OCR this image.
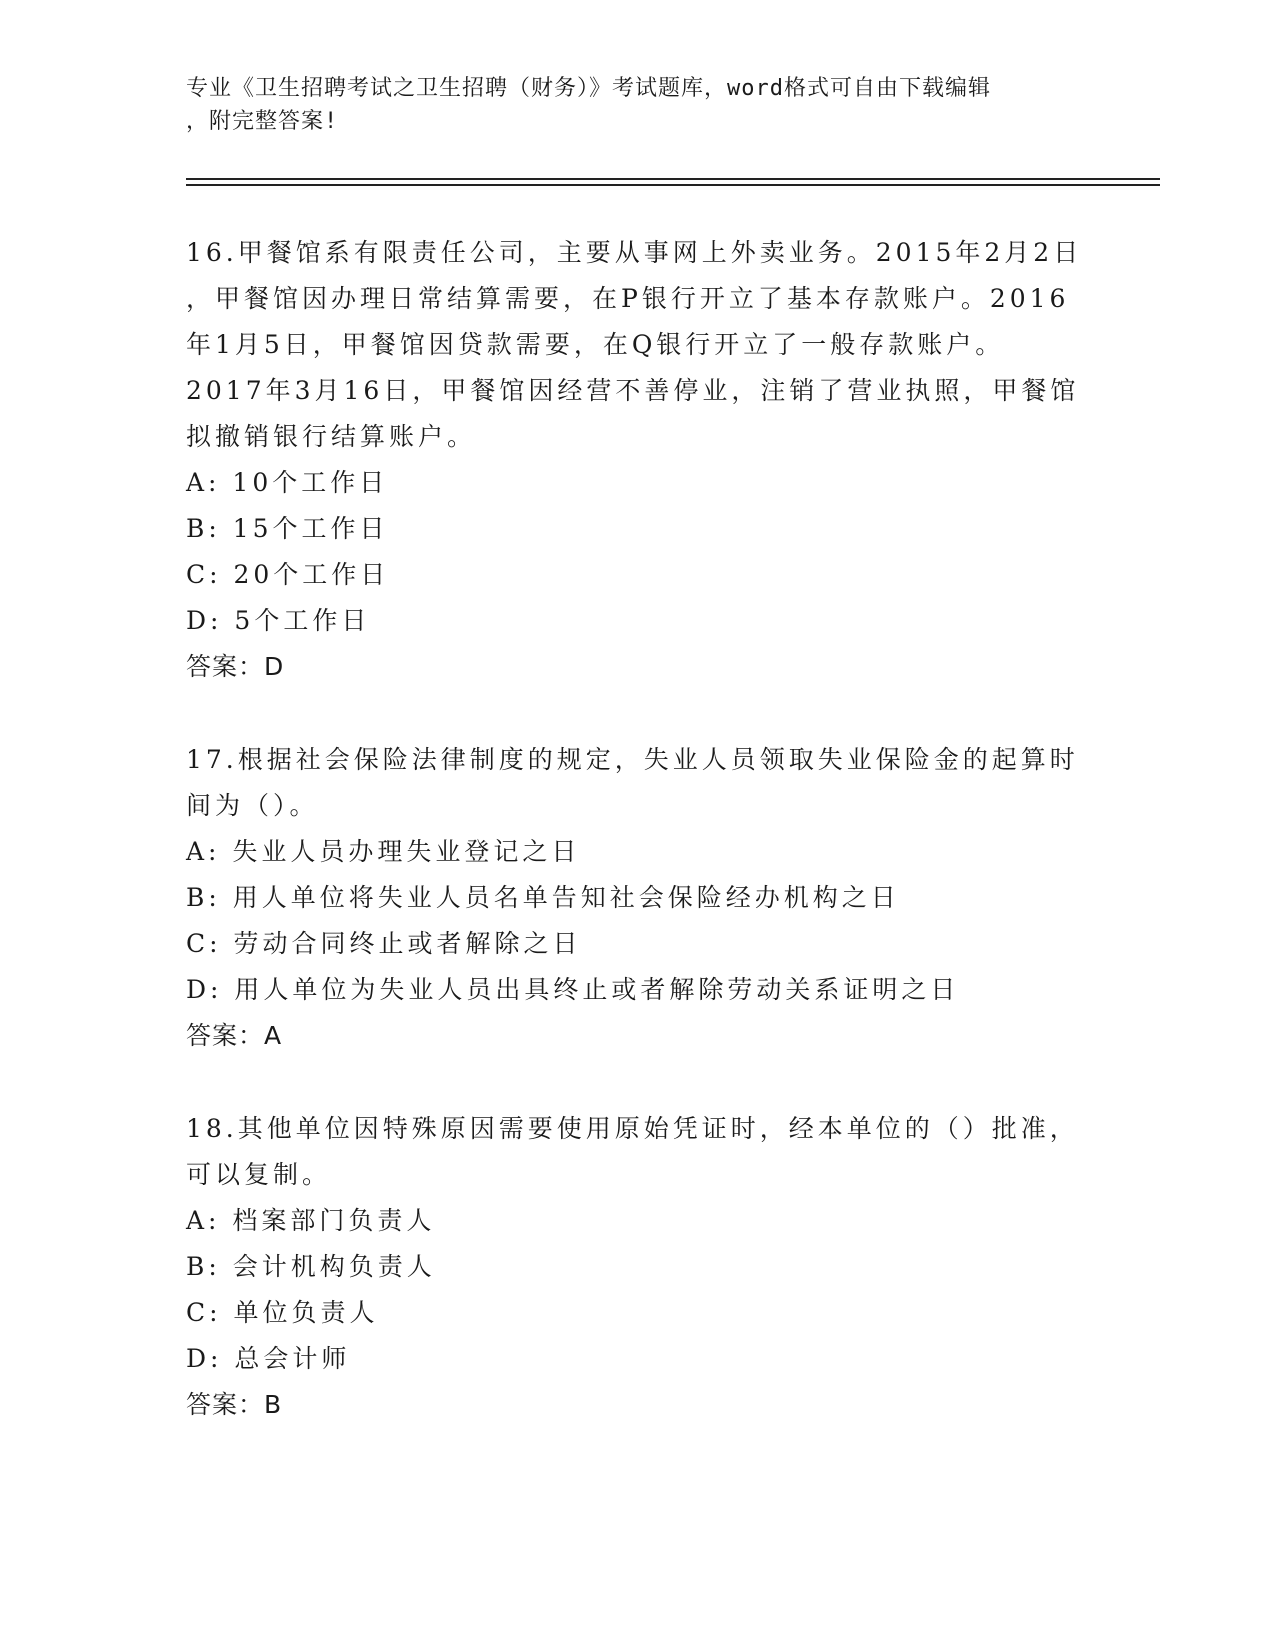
专业《卫生招聘考试之卫生招聘（财务）》考试题库，word格式可自由下载编辑
，附完整答案!
16.甲餐馆系有限责任公司，主要从事网上外卖业务。2015年2月2日
，甲餐馆因办理日常结算需要，在P银行开立了基本存款账户。2016
年1月5日，甲餐馆因贷款需要，在Q银行开立了一般存款账户。
2017年3月16日，甲餐馆因经营不善停业，注销了营业执照，甲餐馆
拟撤销银行结算账户。
A: 10个工作日
B: 15个工作日
C: 20个工作日
D: 5个工作日
答案：D
17.根据社会保险法律制度的规定，失业人员领取失业保险金的起算时
间为（）。
A: 失业人员办理失业登记之日
B: 用人单位将失业人员名单告知社会保险经办机构之日
C: 劳动合同终止或者解除之日
D: 用人单位为失业人员出具终止或者解除劳动关系证明之日
答案：A
18.其他单位因特殊原因需要使用原始凭证时，经本单位的（）批准，
可以复制。
A: 档案部门负责人
B: 会计机构负责人
C: 单位负责人
D: 总会计师
答案：B
